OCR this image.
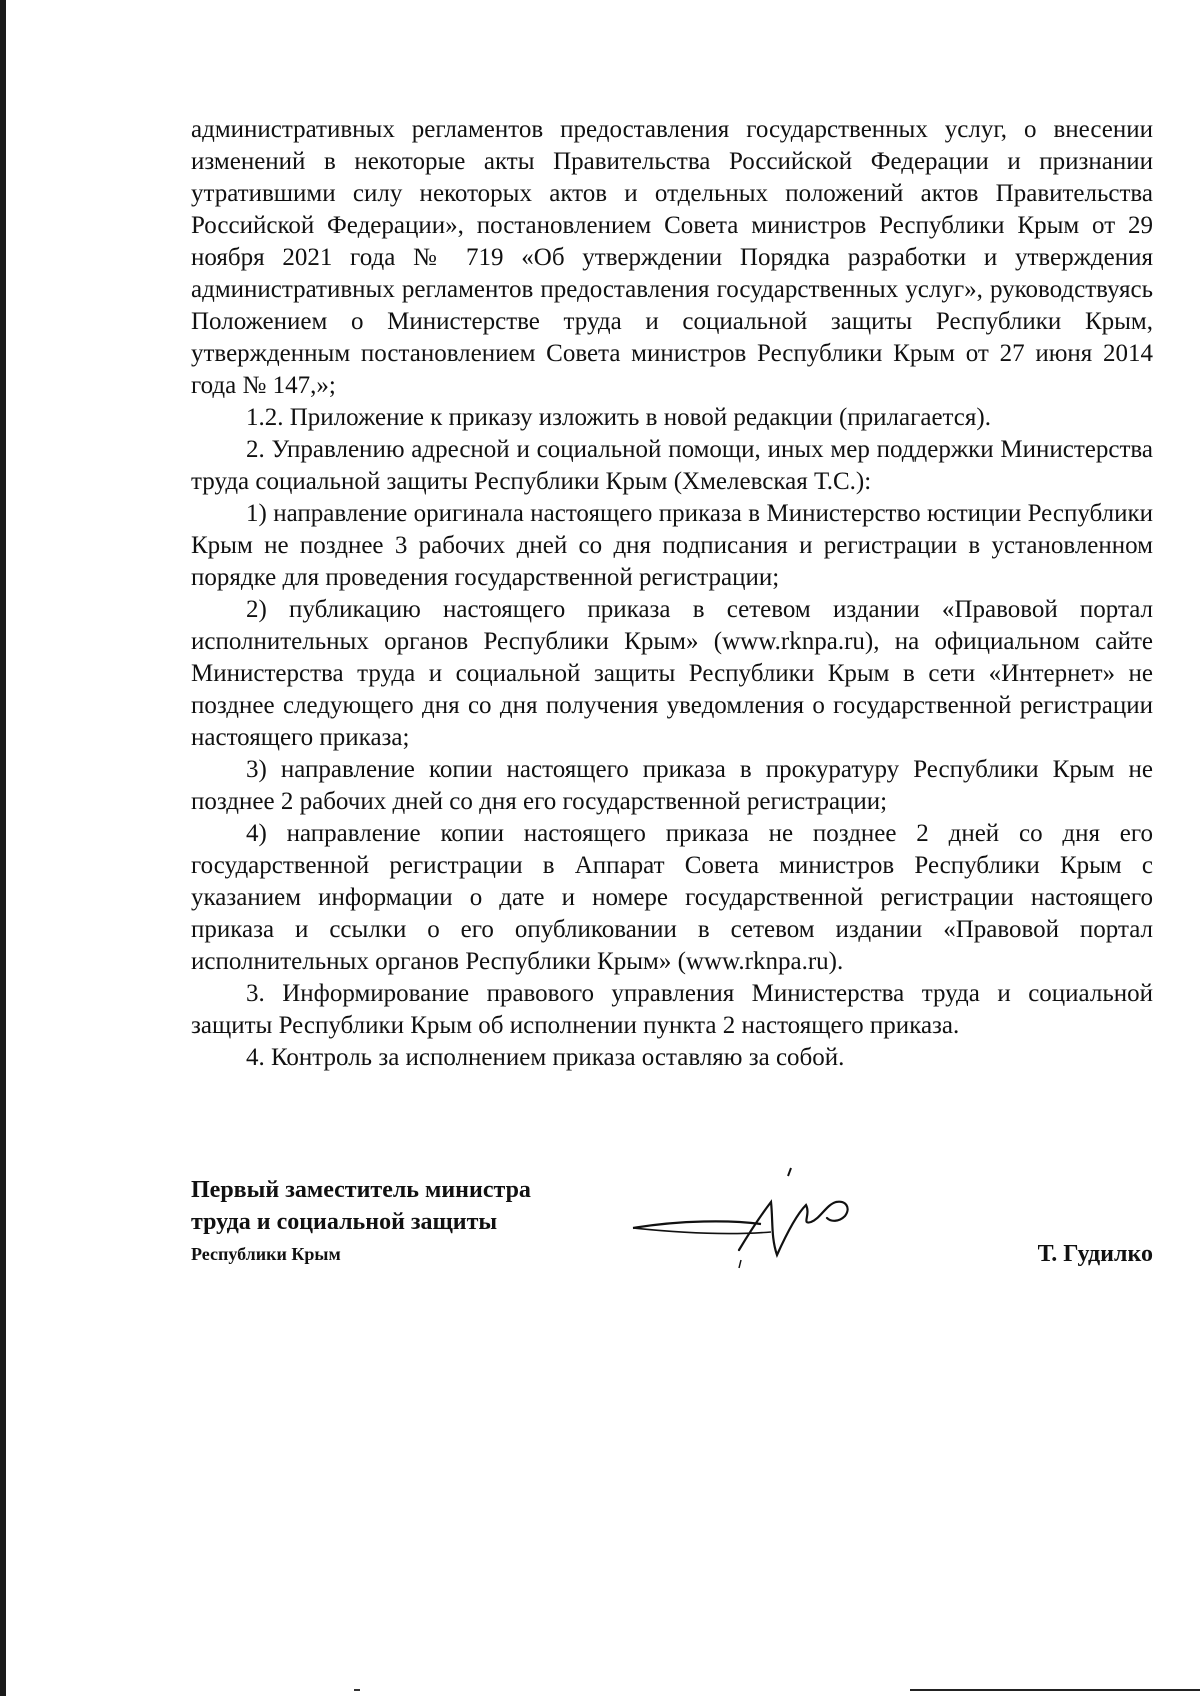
административных регламентов предоставления государственных услуг, о внесении изменений в некоторые акты Правительства Российской Федерации и признании утратившими силу некоторых актов и отдельных положений актов Правительства Российской Федерации», постановлением Совета министров Республики Крым от 29 ноября 2021 года № 719 «Об утверждении Порядка разработки и утверждения административных регламентов предоставления государственных услуг», руководствуясь Положением о Министерстве труда и социальной защиты Республики Крым, утвержденным постановлением Совета министров Республики Крым от 27 июня 2014 года № 147,»;

1.2. Приложение к приказу изложить в новой редакции (прилагается).

2. Управлению адресной и социальной помощи, иных мер поддержки Министерства труда социальной защиты Республики Крым (Хмелевская Т.С.):

1) направление оригинала настоящего приказа в Министерство юстиции Республики Крым не позднее 3 рабочих дней со дня подписания и регистрации в установленном порядке для проведения государственной регистрации;

2) публикацию настоящего приказа в сетевом издании «Правовой портал исполнительных органов Республики Крым» (www.rknpa.ru), на официальном сайте Министерства труда и социальной защиты Республики Крым в сети «Интернет» не позднее следующего дня со дня получения уведомления о государственной регистрации настоящего приказа;

3) направление копии настоящего приказа в прокуратуру Республики Крым не позднее 2 рабочих дней со дня его государственной регистрации;

4) направление копии настоящего приказа не позднее 2 дней со дня его государственной регистрации в Аппарат Совета министров Республики Крым с указанием информации о дате и номере государственной регистрации настоящего приказа и ссылки о его опубликовании в сетевом издании «Правовой портал исполнительных органов Республики Крым» (www.rknpa.ru).

3. Информирование правового управления Министерства труда и социальной защиты Республики Крым об исполнении пункта 2 настоящего приказа.

4. Контроль за исполнением приказа оставляю за собой.

Первый заместитель министра
труда и социальной защиты
Республики Крым	Т. Гудилко
